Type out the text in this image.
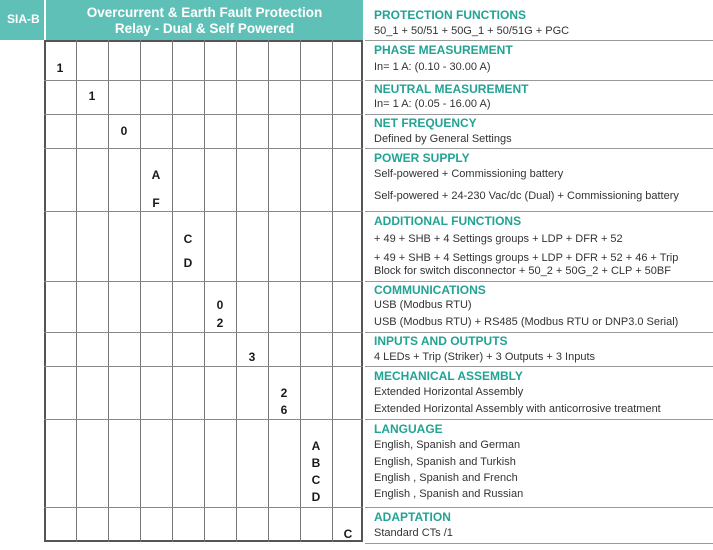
SIA-B	Overcurrent & Earth Fault Protection
Relay - Dual & Self Powered
1
1
0
A
F
C
D
0
2
3
2
6
A
B
C
D
C
PROTECTION FUNCTIONS
50_1 + 50/51 + 50G_1 + 50/51G + PGC
PHASE MEASUREMENT
In= 1 A: (0.10 - 30.00 A)
NEUTRAL MEASUREMENT
In= 1 A: (0.05 - 16.00 A)
NET FREQUENCY
Defined by General Settings
POWER SUPPLY
Self-powered + Commissioning battery
Self-powered + 24-230 Vac/dc (Dual) + Commissioning battery
ADDITIONAL FUNCTIONS
+ 49 + SHB + 4 Settings groups + LDP + DFR + 52
+ 49 + SHB + 4 Settings groups + LDP + DFR + 52 + 46 + Trip
Block for switch disconnector + 50_2 + 50G_2 + CLP + 50BF
COMMUNICATIONS
USB (Modbus RTU)
USB (Modbus RTU) + RS485 (Modbus RTU or DNP3.0 Serial)
INPUTS AND OUTPUTS
4 LEDs + Trip (Striker) + 3 Outputs + 3 Inputs
MECHANICAL ASSEMBLY
Extended Horizontal Assembly
Extended Horizontal Assembly with anticorrosive treatment
LANGUAGE
English, Spanish and German
English, Spanish and Turkish
English , Spanish and French
English , Spanish and Russian
ADAPTATION
Standard CTs /1
